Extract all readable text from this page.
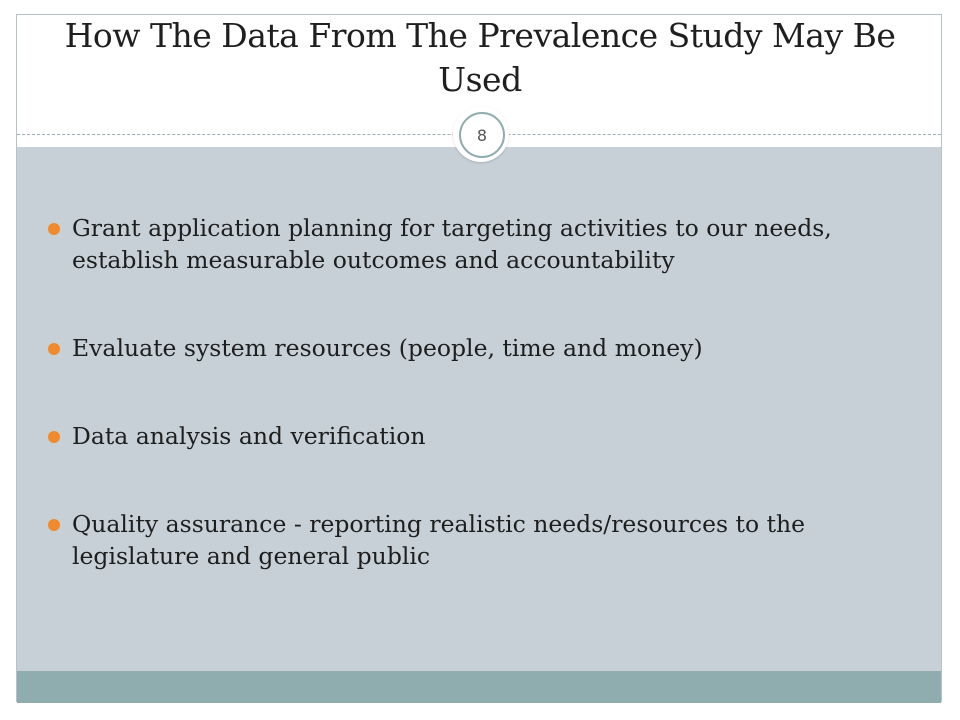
How The Data From The Prevalence Study May Be Used
8
Grant application planning for targeting activities to our needs, establish measurable outcomes and accountability
Evaluate system resources (people, time and money)
Data analysis and verification
Quality assurance - reporting realistic needs/resources to the legislature and general public
